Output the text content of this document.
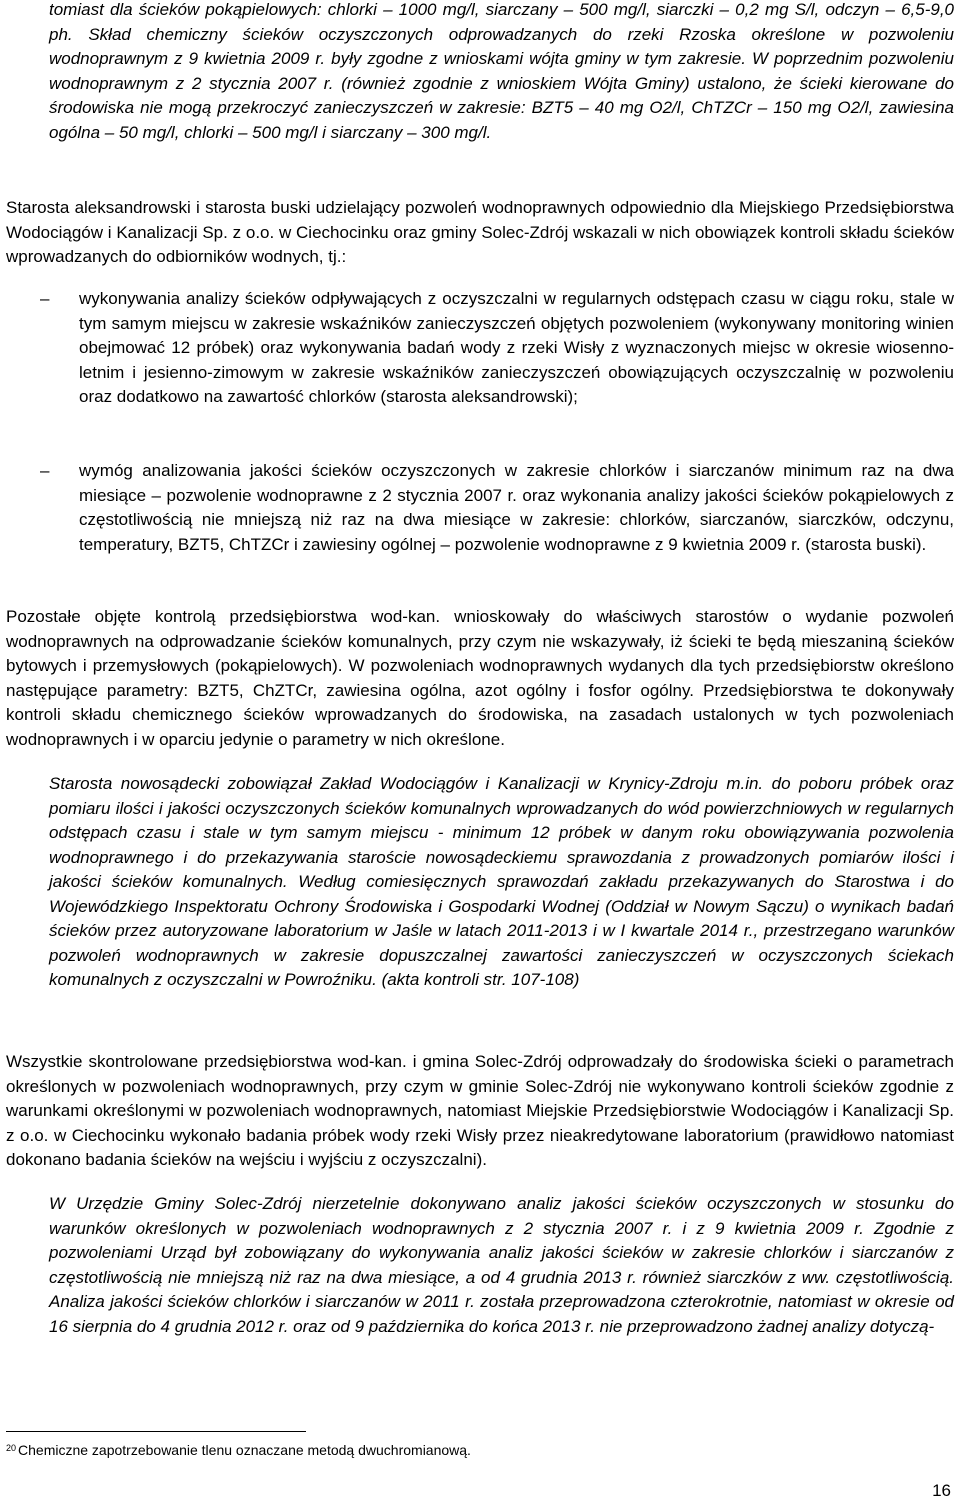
tomiast dla ścieków pokąpielowych: chlorki – 1000 mg/l, siarczany – 500 mg/l, siarczki – 0,2 mg S/l, odczyn – 6,5-9,0 ph. Skład chemiczny ścieków oczyszczonych odprowadzanych do rzeki Rzoska określone w pozwoleniu wodnoprawnym z 9 kwietnia 2009 r. były zgodne z wnioskami wójta gminy w tym zakresie. W poprzednim pozwoleniu wodnoprawnym z 2 stycznia 2007 r. (również zgodnie z wnioskiem Wójta Gminy) ustalono, że ścieki kierowane do środowiska nie mogą przekroczyć zanieczyszczeń w zakresie: BZT5 – 40 mg O2/l, ChTZCr – 150 mg O2/l, zawiesina ogólna – 50 mg/l, chlorki – 500 mg/l i siarczany – 300 mg/l.

Starosta aleksandrowski i starosta buski udzielający pozwoleń wodnoprawnych odpowiednio dla Miejskiego Przedsiębiorstwa Wodociągów i Kanalizacji Sp. z o.o. w Ciechocinku oraz gminy Solec-Zdrój wskazali w nich obowiązek kontroli składu ścieków wprowadzanych do odbiorników wodnych, tj.:

– wykonywania analizy ścieków odpływających z oczyszczalni w regularnych odstępach czasu w ciągu roku, stale w tym samym miejscu w zakresie wskaźników zanieczyszczeń objętych pozwoleniem (wykonywany monitoring winien obejmować 12 próbek) oraz wykonywania badań wody z rzeki Wisły z wyznaczonych miejsc w okresie wiosenno-letnim i jesienno-zimowym w zakresie wskaźników zanieczyszczeń obowiązujących oczyszczalnię w pozwoleniu oraz dodatkowo na zawartość chlorków (starosta aleksandrowski);

– wymóg analizowania jakości ścieków oczyszczonych w zakresie chlorków i siarczanów minimum raz na dwa miesiące – pozwolenie wodnoprawne z 2 stycznia 2007 r. oraz wykonania analizy jakości ścieków pokąpielowych z częstotliwością nie mniejszą niż raz na dwa miesiące w zakresie: chlorków, siarczanów, siarczków, odczynu, temperatury, BZT5, ChTZCr i zawiesiny ogólnej – pozwolenie wodnoprawne z 9 kwietnia 2009 r. (starosta buski).

Pozostałe objęte kontrolą przedsiębiorstwa wod-kan. wnioskowały do właściwych starostów o wydanie pozwoleń wodnoprawnych na odprowadzanie ścieków komunalnych, przy czym nie wskazywały, iż ścieki te będą mieszaniną ścieków bytowych i przemysłowych (pokąpielowych). W pozwoleniach wodnoprawnych wydanych dla tych przedsiębiorstw określono następujące parametry: BZT5, ChZTCr, zawiesina ogólna, azot ogólny i fosfor ogólny. Przedsiębiorstwa te dokonywały kontroli składu chemicznego ścieków wprowadzanych do środowiska, na zasadach ustalonych w tych pozwoleniach wodnoprawnych i w oparciu jedynie o parametry w nich określone.

Starosta nowosądecki zobowiązał Zakład Wodociągów i Kanalizacji w Krynicy-Zdroju m.in. do poboru próbek oraz pomiaru ilości i jakości oczyszczonych ścieków komunalnych wprowadzanych do wód powierzchniowych w regularnych odstępach czasu i stale w tym samym miejscu - minimum 12 próbek w danym roku obowiązywania pozwolenia wodnoprawnego i do przekazywania staroście nowosądeckiemu sprawozdania z prowadzonych pomiarów ilości i jakości ścieków komunalnych. Według comiesięcznych sprawozdań zakładu przekazywanych do Starostwa i do Wojewódzkiego Inspektoratu Ochrony Środowiska i Gospodarki Wodnej (Oddział w Nowym Sączu) o wynikach badań ścieków przez autoryzowane laboratorium w Jaśle w latach 2011-2013 i w I kwartale 2014 r., przestrzegano warunków pozwoleń wodnoprawnych w zakresie dopuszczalnej zawartości zanieczyszczeń w oczyszczonych ściekach komunalnych z oczyszczalni w Powroźniku. (akta kontroli str. 107-108)

Wszystkie skontrolowane przedsiębiorstwa wod-kan. i gmina Solec-Zdrój odprowadzały do środowiska ścieki o parametrach określonych w pozwoleniach wodnoprawnych, przy czym w gminie Solec-Zdrój nie wykonywano kontroli ścieków zgodnie z warunkami określonymi w pozwoleniach wodnoprawnych, natomiast Miejskie Przedsiębiorstwie Wodociągów i Kanalizacji Sp. z o.o. w Ciechocinku wykonało badania próbek wody rzeki Wisły przez nieakredytowane laboratorium (prawidłowo natomiast dokonano badania ścieków na wejściu i wyjściu z oczyszczalni).

W Urzędzie Gminy Solec-Zdrój nierzetelnie dokonywano analiz jakości ścieków oczyszczonych w stosunku do warunków określonych w pozwoleniach wodnoprawnych z 2 stycznia 2007 r. i z 9 kwietnia 2009 r. Zgodnie z pozwoleniami Urząd był zobowiązany do wykonywania analiz jakości ścieków w zakresie chlorków i siarczanów z częstotliwością nie mniejszą niż raz na dwa miesiące, a od 4 grudnia 2013 r. również siarczków z ww. częstotliwością. Analiza jakości ścieków chlorków i siarczanów w 2011 r. została przeprowadzona czterokrotnie, natomiast w okresie od 16 sierpnia do 4 grudnia 2012 r. oraz od 9 października do końca 2013 r. nie przeprowadzono żadnej analizy dotyczą-

$^{20}$ Chemiczne zapotrzebowanie tlenu oznaczane metodą dwuchromianową.
16
